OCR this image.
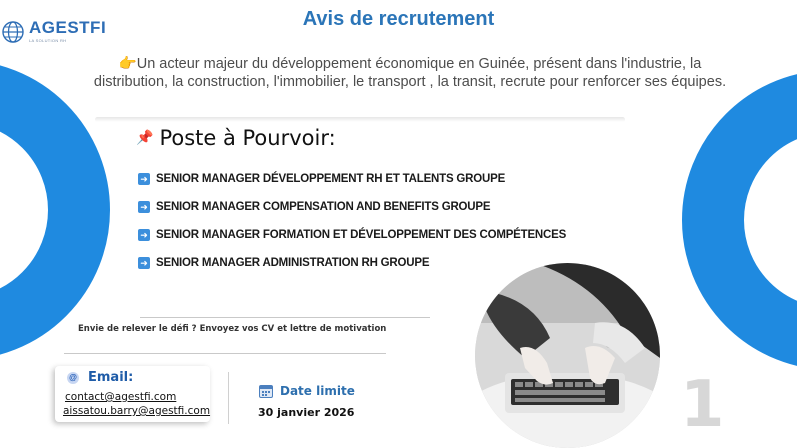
AGESTFI
LA SOLUTION RH
Avis de recrutement
👉Un acteur majeur du développement économique en Guinée, présent dans l'industrie, la distribution, la construction, l'immobilier, le transport , la transit, recrute pour renforcer ses équipes.
📌 Poste à Pourvoir:
➜ SENIOR MANAGER DÉVELOPPEMENT RH ET TALENTS GROUPE
➜ SENIOR MANAGER COMPENSATION AND BENEFITS GROUPE
➜ SENIOR MANAGER FORMATION ET DÉVELOPPEMENT DES COMPÉTENCES
➜ SENIOR MANAGER ADMINISTRATION RH GROUPE
Envie de relever le défi ? Envoyez vos CV et lettre de motivation
1
@ Email:
contact@agestfi.com
aissatou.barry@agestfi.com
Date limite
30 janvier 2026
